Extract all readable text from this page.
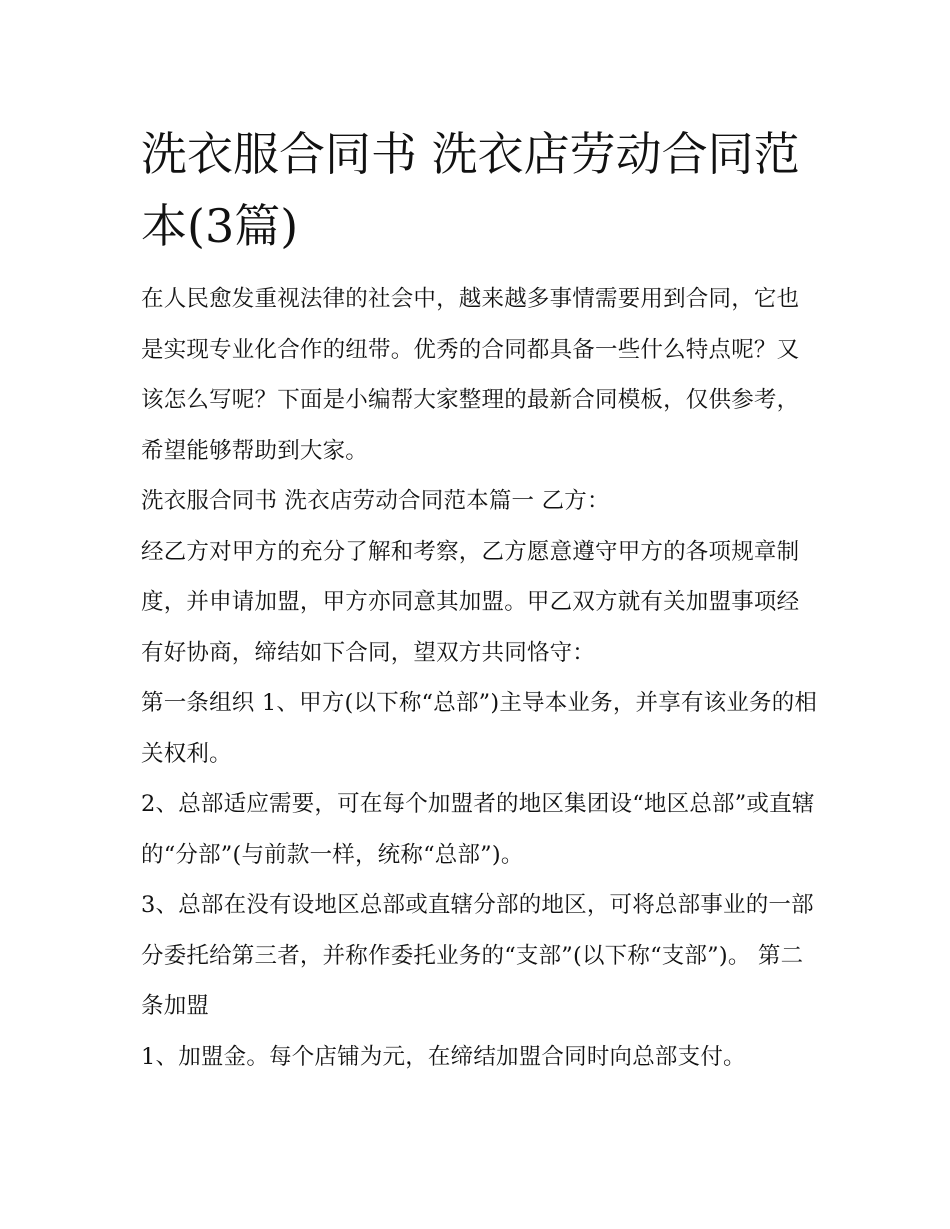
洗衣服合同书 洗衣店劳动合同范本(3篇)

在人民愈发重视法律的社会中，越来越多事情需要用到合同，它也是实现专业化合作的纽带。优秀的合同都具备一些什么特点呢？又该怎么写呢？下面是小编帮大家整理的最新合同模板，仅供参考，希望能够帮助到大家。

洗衣服合同书 洗衣店劳动合同范本篇一 乙方：

经乙方对甲方的充分了解和考察，乙方愿意遵守甲方的各项规章制度，并申请加盟，甲方亦同意其加盟。甲乙双方就有关加盟事项经有好协商，缔结如下合同，望双方共同恪守：

第一条组织 1、甲方(以下称“总部”)主导本业务，并享有该业务的相关权利。

2、总部适应需要，可在每个加盟者的地区集团设“地区总部”或直辖的“分部”(与前款一样，统称“总部”)。

3、总部在没有设地区总部或直辖分部的地区，可将总部事业的一部分委托给第三者，并称作委托业务的“支部”(以下称“支部”)。 第二条加盟

1、加盟金。每个店铺为元，在缔结加盟合同时向总部支付。
